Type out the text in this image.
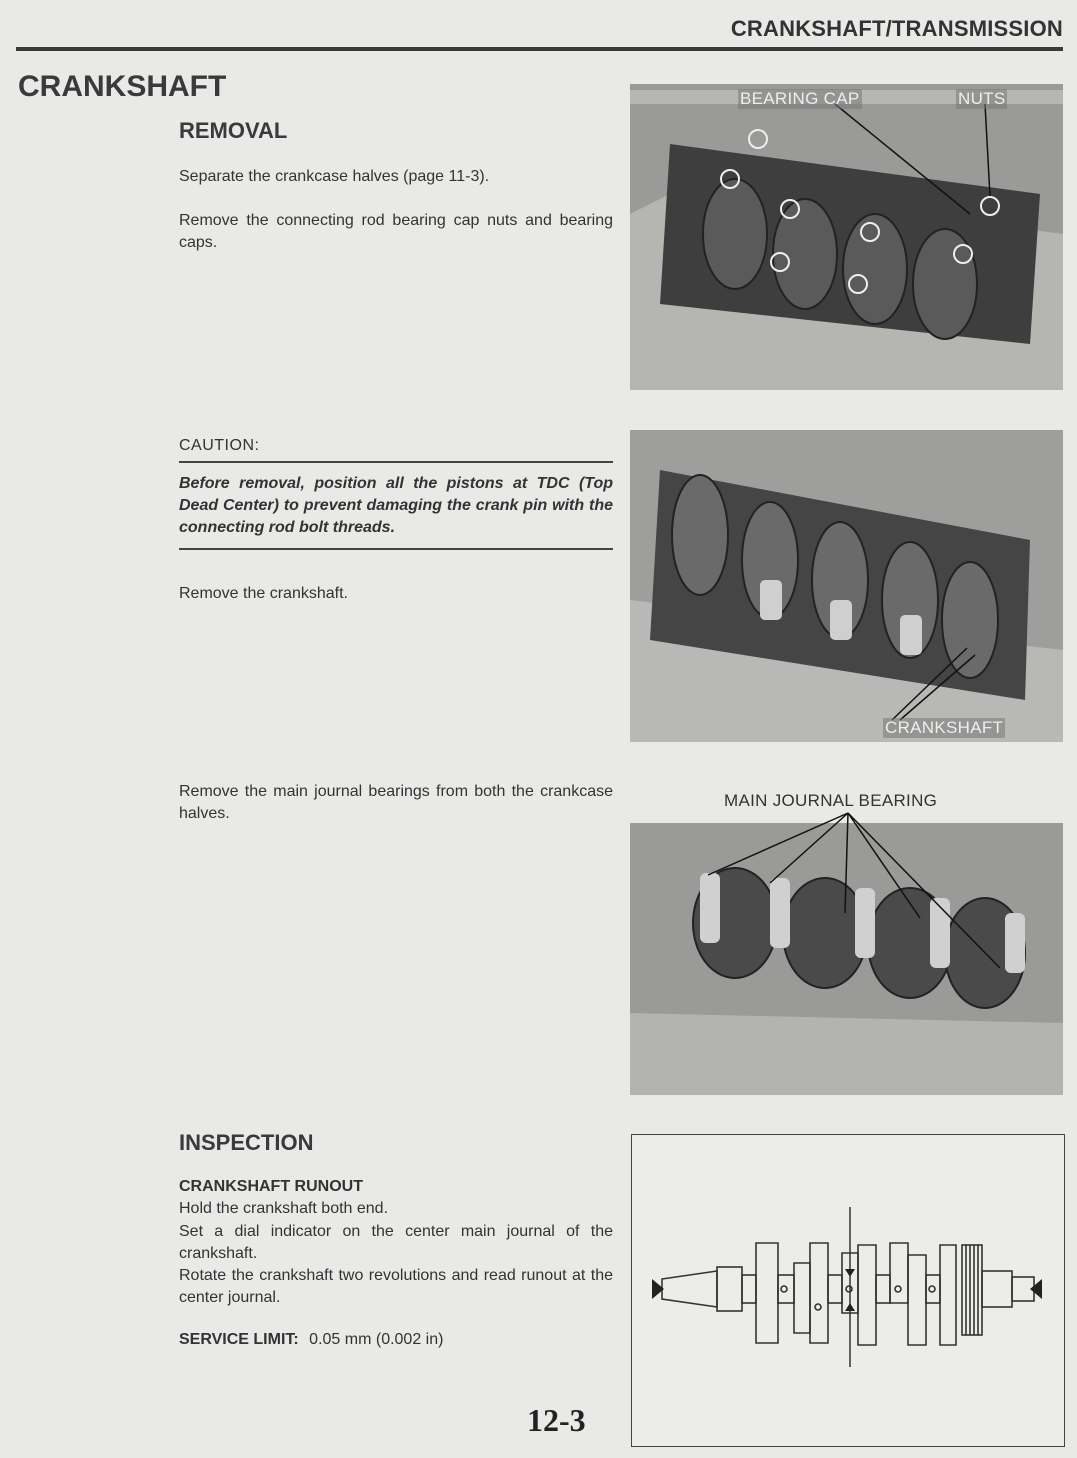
CRANKSHAFT/TRANSMISSION
CRANKSHAFT
REMOVAL
Separate the crankcase halves (page 11-3).
Remove the connecting rod bearing cap nuts and bearing caps.
CAUTION:
Before removal, position all the pistons at TDC (Top Dead Center) to prevent damaging the crank pin with the connecting rod bolt threads.
Remove the crankshaft.
Remove the main journal bearings from both the crankcase halves.
BEARING CAP	NUTS
CRANKSHAFT
MAIN JOURNAL BEARING
INSPECTION
CRANKSHAFT RUNOUT
Hold the crankshaft both end.
Set a dial indicator on the center main journal of the crankshaft.
Rotate the crankshaft two revolutions and read runout at the center journal.
SERVICE LIMIT: 0.05 mm (0.002 in)
12-3
